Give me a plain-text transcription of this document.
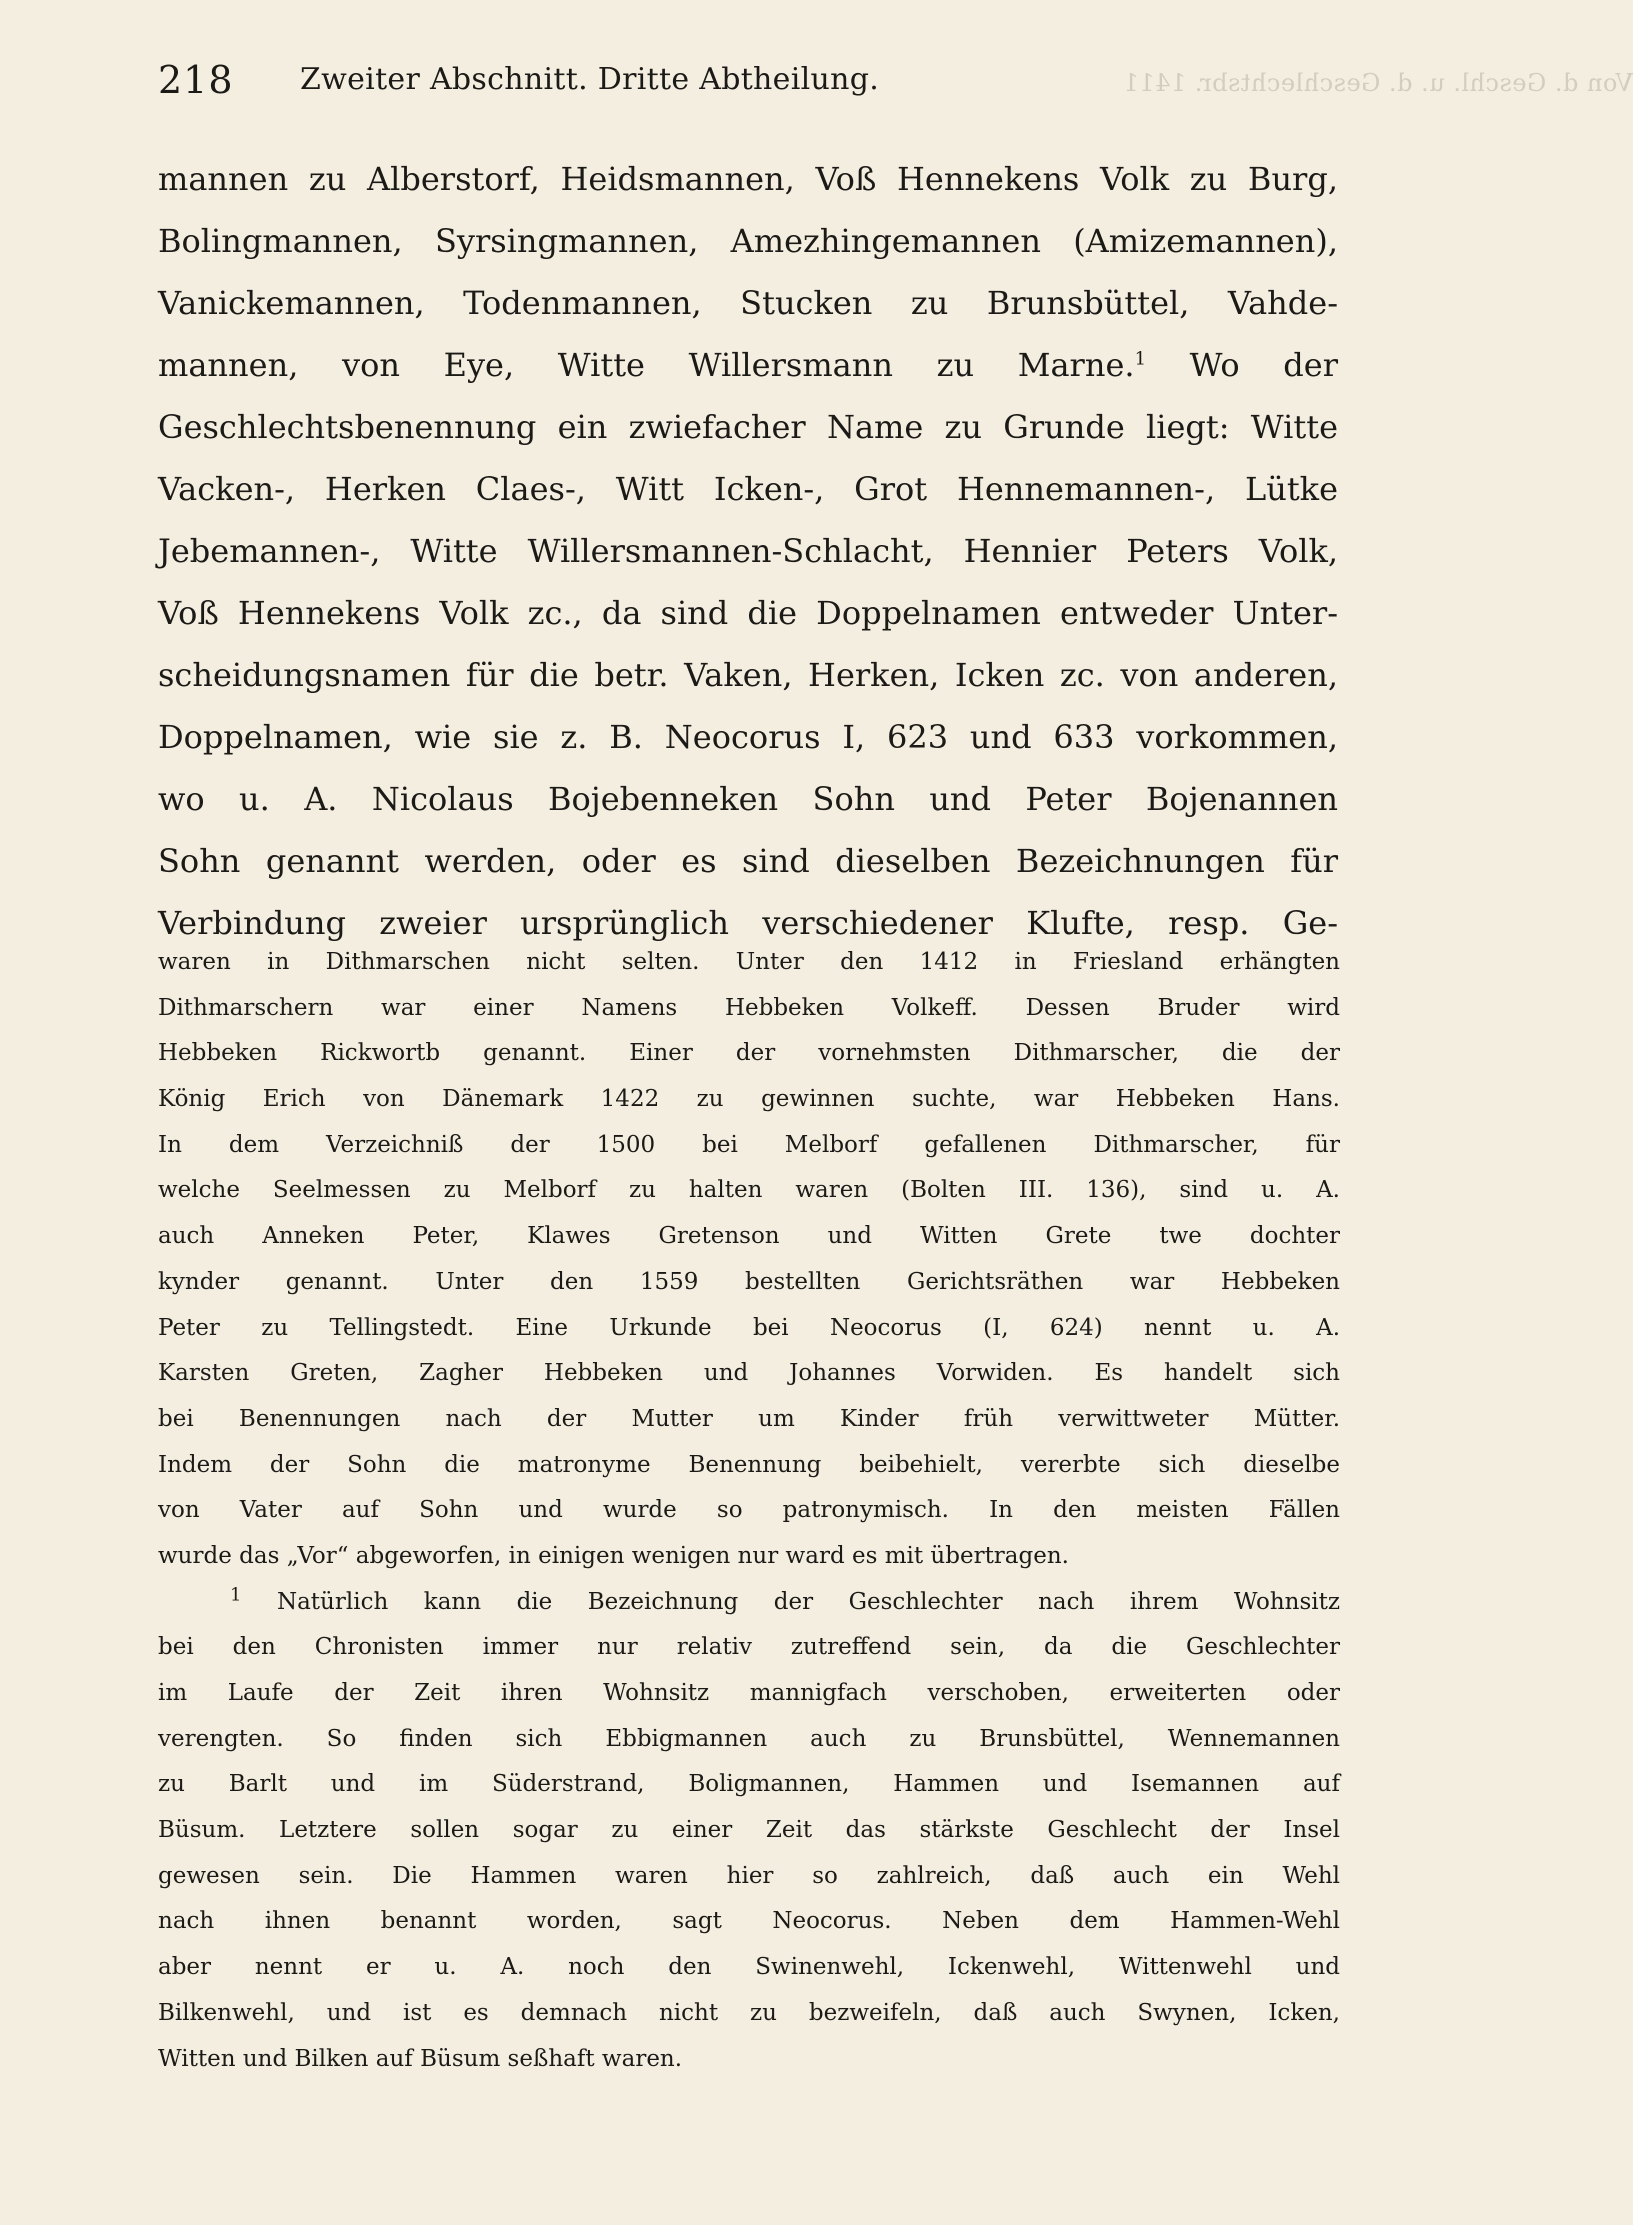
Von d. Geschl. u. d. Geschlechtsbr. 1411
218 Zweiter Abschnitt. Dritte Abtheilung.
mannen zu Alberstorf, Heidsmannen, Voß Hennekens Volk zu Burg,
Bolingmannen, Syrsingmannen, Amezhingemannen (Amizemannen),
Vanickemannen, Todenmannen, Stucken zu Brunsbüttel, Vahde-
mannen, von Eye, Witte Willersmann zu Marne.$^1$ Wo der
Geschlechtsbenennung ein zwiefacher Name zu Grunde liegt: Witte
Vacken-, Herken Claes-, Witt Icken-, Grot Hennemannen-, Lütke
Jebemannen-, Witte Willersmannen-Schlacht, Hennier Peters Volk,
Voß Hennekens Volk zc., da sind die Doppelnamen entweder Unter-
scheidungsnamen für die betr. Vaken, Herken, Icken zc. von anderen,
Doppelnamen, wie sie z. B. Neocorus I, 623 und 633 vorkommen,
wo u. A. Nicolaus Bojebenneken Sohn und Peter Bojenannen
Sohn genannt werden, oder es sind dieselben Bezeichnungen für
Verbindung zweier ursprünglich verschiedener Klufte, resp. Ge-
waren in Dithmarschen nicht selten. Unter den 1412 in Friesland erhängten
Dithmarschern war einer Namens Hebbeken Volkeff. Dessen Bruder wird
Hebbeken Rickwortb genannt. Einer der vornehmsten Dithmarscher, die der
König Erich von Dänemark 1422 zu gewinnen suchte, war Hebbeken Hans.
In dem Verzeichniß der 1500 bei Melborf gefallenen Dithmarscher, für
welche Seelmessen zu Melborf zu halten waren (Bolten III. 136), sind u. A.
auch Anneken Peter, Klawes Gretenson und Witten Grete twe dochter
kynder genannt. Unter den 1559 bestellten Gerichtsräthen war Hebbeken
Peter zu Tellingstedt. Eine Urkunde bei Neocorus (I, 624) nennt u. A.
Karsten Greten, Zagher Hebbeken und Johannes Vorwiden. Es handelt sich
bei Benennungen nach der Mutter um Kinder früh verwittweter Mütter.
Indem der Sohn die matronyme Benennung beibehielt, vererbte sich dieselbe
von Vater auf Sohn und wurde so patronymisch. In den meisten Fällen
wurde das „Vor“ abgeworfen, in einigen wenigen nur ward es mit übertragen.
$^1$ Natürlich kann die Bezeichnung der Geschlechter nach ihrem Wohnsitz
bei den Chronisten immer nur relativ zutreffend sein, da die Geschlechter
im Laufe der Zeit ihren Wohnsitz mannigfach verschoben, erweiterten oder
verengten. So finden sich Ebbigmannen auch zu Brunsbüttel, Wennemannen
zu Barlt und im Süderstrand, Boligmannen, Hammen und Isemannen auf
Büsum. Letztere sollen sogar zu einer Zeit das stärkste Geschlecht der Insel
gewesen sein. Die Hammen waren hier so zahlreich, daß auch ein Wehl
nach ihnen benannt worden, sagt Neocorus. Neben dem Hammen-Wehl
aber nennt er u. A. noch den Swinenwehl, Ickenwehl, Wittenwehl und
Bilkenwehl, und ist es demnach nicht zu bezweifeln, daß auch Swynen, Icken,
Witten und Bilken auf Büsum seßhaft waren.
